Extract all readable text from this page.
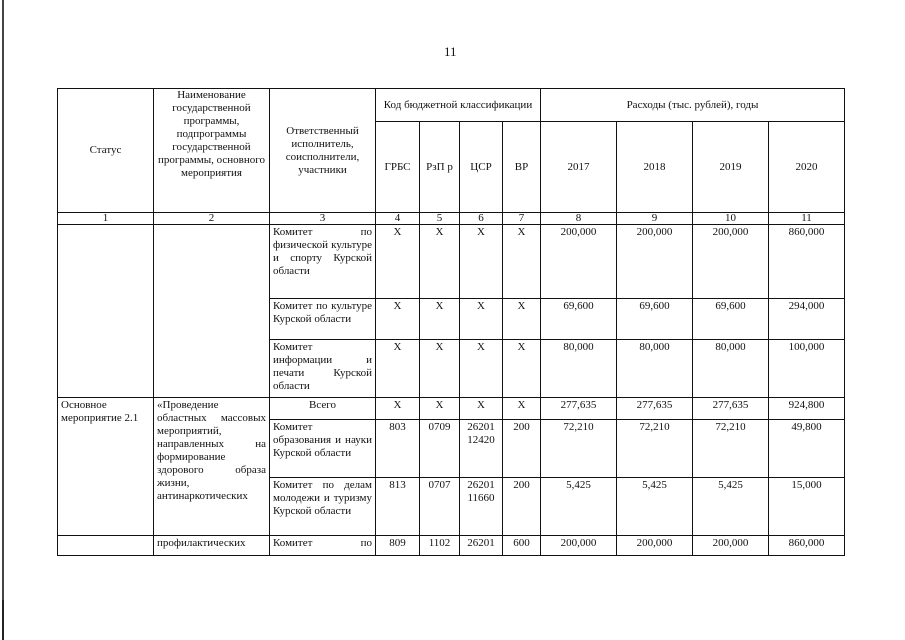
11
Статус	Наименование государственной программы, подпрограммы государственной программы, основного мероприятия	Ответственный исполнитель, соисполнители, участники	Код бюджетной классификации				Расходы (тыс. рублей), годы			
			ГРБС	РзП р	ЦСР	ВР	2017	2018	2019	2020
1	2	3	4	5	6	7	8	9	10	11
		Комитет по физической культуре и спорту Курской области	X	X	X	X	200,000	200,000	200,000	860,000
		Комитет по культуре Курской области	X	X	X	X	69,600	69,600	69,600	294,000
		Комитет информации и печати Курской области	X	X	X	X	80,000	80,000	80,000	100,000
Основное мероприятие 2.1	«Проведение областных массовых мероприятий, направленных на формирование здорового образа жизни, антинаркотических	Всего	X	X	X	X	277,635	277,635	277,635	924,800
		Комитет образования и науки Курской области	803	0709	26201 12420	200	72,210	72,210	72,210	49,800
		Комитет по делам молодежи и туризму Курской области	813	0707	26201 11660	200	5,425	5,425	5,425	15,000
	профилактических	Комитет по	809	1102	26201	600	200,000	200,000	200,000	860,000
